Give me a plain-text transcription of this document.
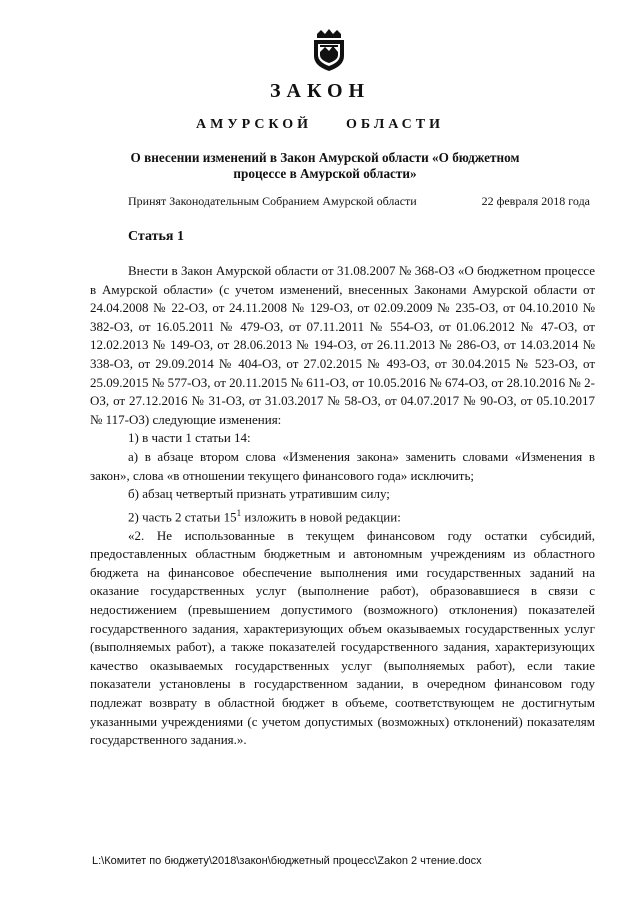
ЗАКОН
АМУРСКОЙ ОБЛАСТИ
О внесении изменений в Закон Амурской области «О бюджетном
процессе в Амурской области»
Принят Законодательным Собранием Амурской области	22 февраля 2018 года
Статья 1

Внести в Закон Амурской области от 31.08.2007 № 368-ОЗ «О бюджетном процессе в Амурской области» (с учетом изменений, внесенных Законами Амурской области от 24.04.2008 № 22-ОЗ, от 24.11.2008 № 129-ОЗ, от 02.09.2009 № 235-ОЗ, от 04.10.2010 № 382-ОЗ, от 16.05.2011 № 479-ОЗ, от 07.11.2011 № 554-ОЗ, от 01.06.2012 № 47-ОЗ, от 12.02.2013 № 149-ОЗ, от 28.06.2013 № 194-ОЗ, от 26.11.2013 № 286-ОЗ, от 14.03.2014 № 338-ОЗ, от 29.09.2014 № 404-ОЗ, от 27.02.2015 № 493-ОЗ, от 30.04.2015 № 523-ОЗ, от 25.09.2015 № 577-ОЗ, от 20.11.2015 № 611-ОЗ, от 10.05.2016 № 674-ОЗ, от 28.10.2016 № 2-ОЗ, от 27.12.2016 № 31-ОЗ, от 31.03.2017 № 58-ОЗ, от 04.07.2017 № 90-ОЗ, от 05.10.2017 № 117-ОЗ) следующие изменения:

1) в части 1 статьи 14:

а) в абзаце втором слова «Изменения закона» заменить словами «Изменения в закон», слова «в отношении текущего финансового года» исключить;

б) абзац четвертый признать утратившим силу;

2) часть 2 статьи $15^1$ изложить в новой редакции:

«2. Не использованные в текущем финансовом году остатки субсидий, предоставленных областным бюджетным и автономным учреждениям из областного бюджета на финансовое обеспечение выполнения ими государственных заданий на оказание государственных услуг (выполнение работ), образовавшиеся в связи с недостижением (превышением допустимого (возможного) отклонения) показателей государственного задания, характеризующих объем оказываемых государственных услуг (выполняемых работ), а также показателей государственного задания, характеризующих качество оказываемых государственных услуг (выполняемых работ), если такие показатели установлены в государственном задании, в очередном финансовом году подлежат возврату в областной бюджет в объеме, соответствующем не достигнутым указанными учреждениями (с учетом допустимых (возможных) отклонений) показателям государственного задания.».

L:\Комитет по бюджету\2018\закон\бюджетный процесс\Zakon 2 чтение.docx
